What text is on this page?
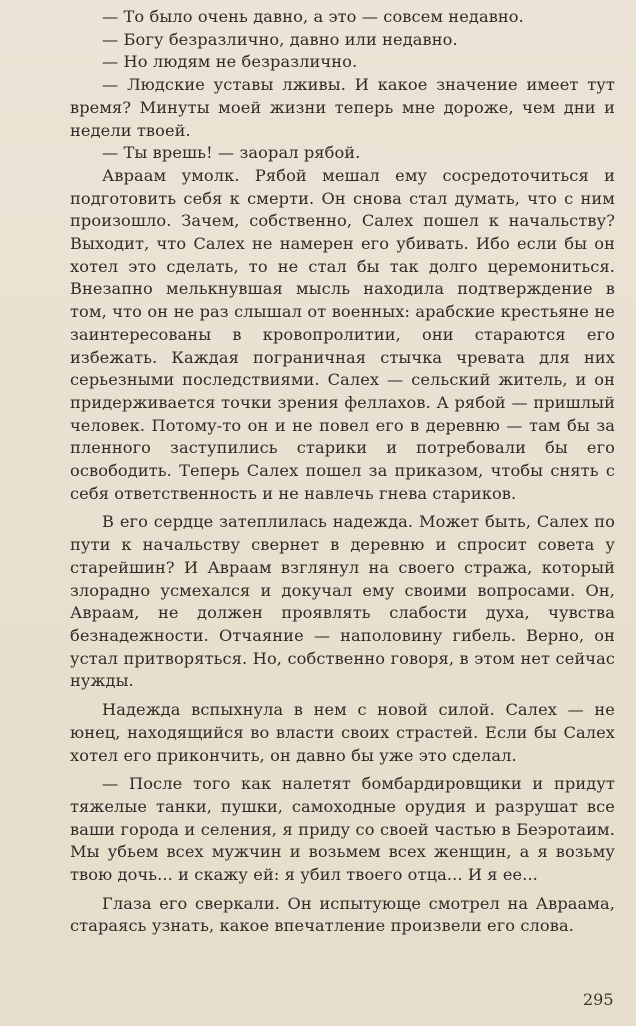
— То было очень давно, а это — совсем недавно.

— Богу безразлично, давно или недавно.

— Но людям не безразлично.

— Людские уставы лживы. И какое значение имеет тут время? Минуты моей жизни теперь мне дороже, чем дни и недели твоей.

— Ты врешь! — заорал рябой.

Авраам умолк. Рябой мешал ему сосредоточиться и подготовить себя к смерти. Он снова стал думать, что с ним произошло. Зачем, собственно, Салех пошел к начальству? Выходит, что Салех не намерен его убивать. Ибо если бы он хотел это сделать, то не стал бы так долго церемониться. Внезапно мелькнувшая мысль находила подтверждение в том, что он не раз слышал от военных: арабские крестьяне не заинтересованы в кровопролитии, они стараются его избежать. Каждая пограничная стычка чревата для них серьезными последствиями. Салех — сельский житель, и он придерживается точки зрения феллахов. А рябой — пришлый человек. Потому-то он и не повел его в деревню — там бы за пленного заступились старики и потребовали бы его освободить. Теперь Салех пошел за приказом, чтобы снять с себя ответственность и не навлечь гнева стариков.

В его сердце затеплилась надежда. Может быть, Салех по пути к начальству свернет в деревню и спросит совета у старейшин? И Авраам взглянул на своего стража, который злорадно усмехался и докучал ему своими вопросами. Он, Авраам, не должен проявлять слабости духа, чувства безнадежности. Отчаяние — наполовину гибель. Верно, он устал притворяться. Но, собственно говоря, в этом нет сейчас нужды.

Надежда вспыхнула в нем с новой силой. Салех — не юнец, находящийся во власти своих страстей. Если бы Салех хотел его прикончить, он давно бы уже это сделал.

— После того как налетят бомбардировщики и придут тяжелые танки, пушки, самоходные орудия и разрушат все ваши города и селения, я приду со своей частью в Беэротаим. Мы убьем всех мужчин и возьмем всех женщин, а я возьму твою дочь... и скажу ей: я убил твоего отца... И я ее...

Глаза его сверкали. Он испытующе смотрел на Авраама, стараясь узнать, какое впечатление произвели его слова.

295
